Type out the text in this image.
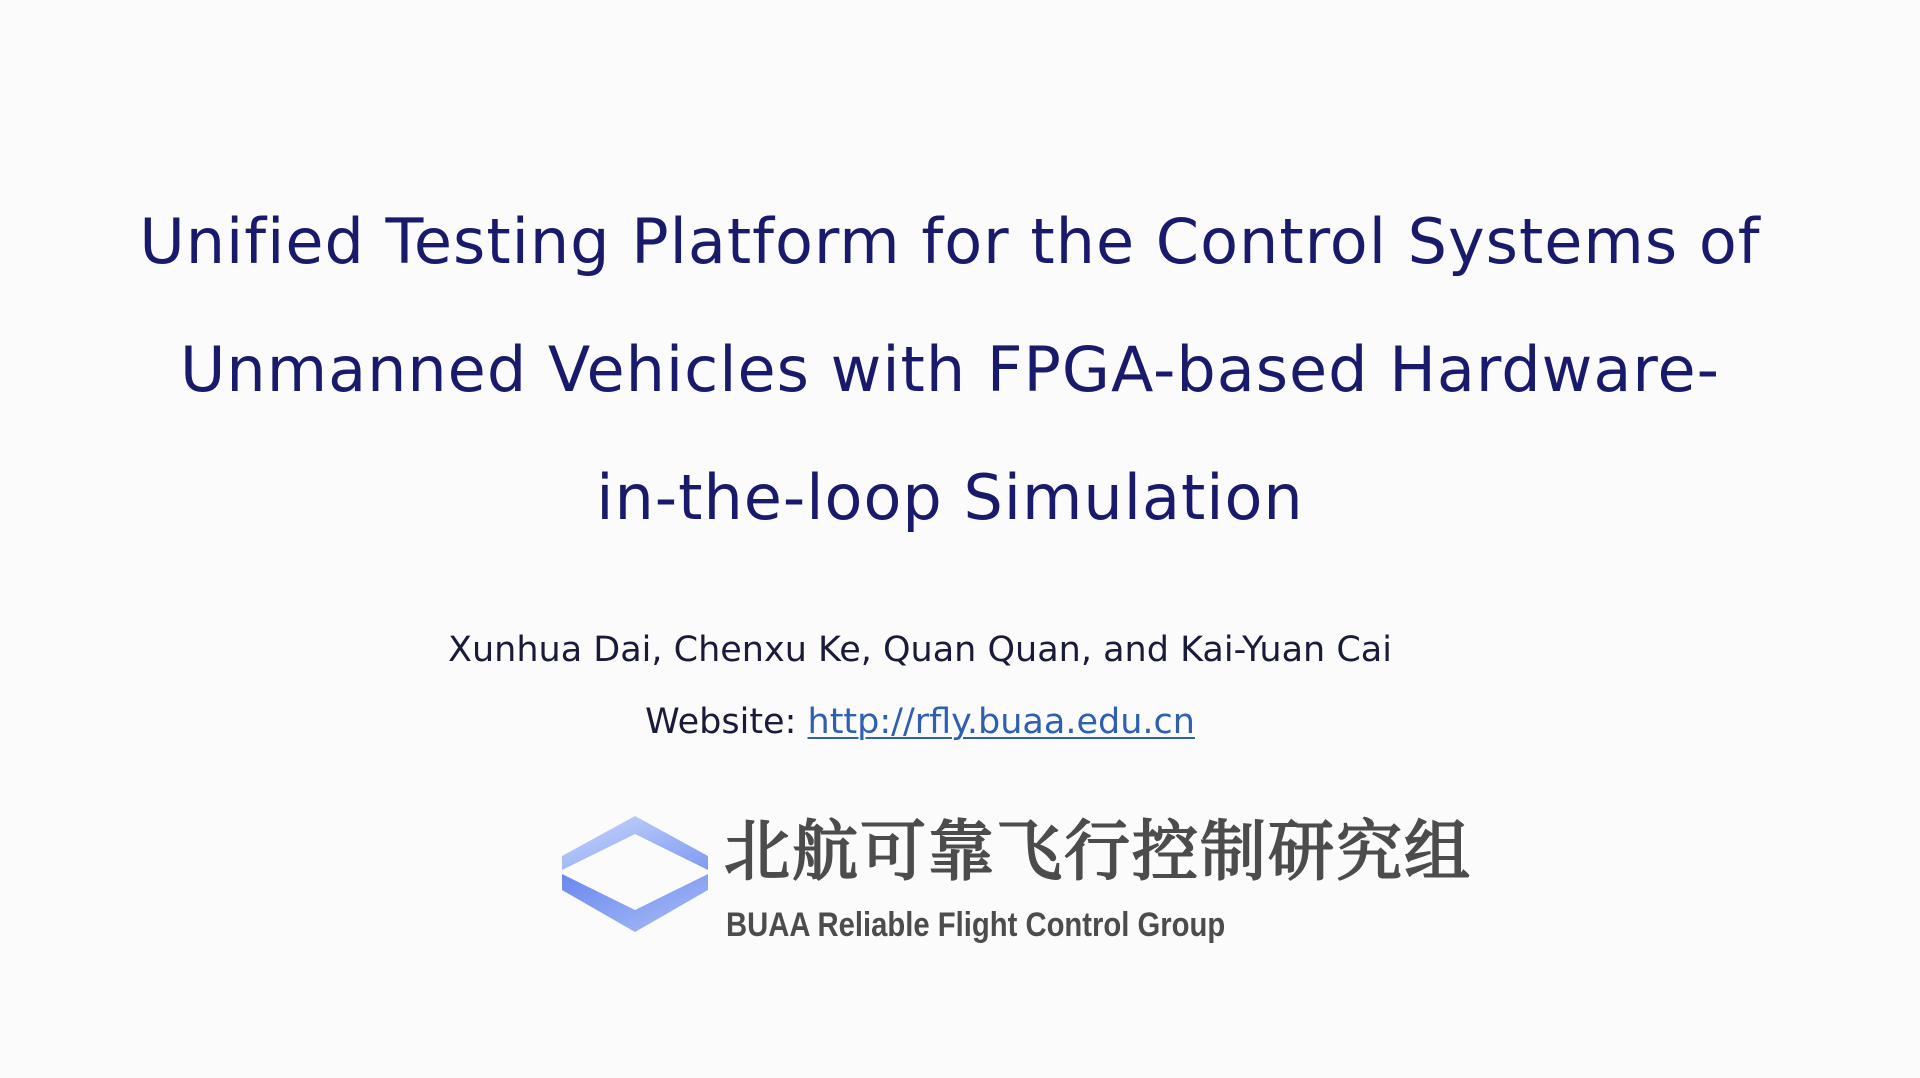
Unified Testing Platform for the Control Systems of
Unmanned Vehicles with FPGA-based Hardware-
in-the-loop Simulation
Xunhua Dai, Chenxu Ke, Quan Quan, and Kai-Yuan Cai
Website: http://rfly.buaa.edu.cn
北航可靠飞行控制研究组
BUAA Reliable Flight Control Group
